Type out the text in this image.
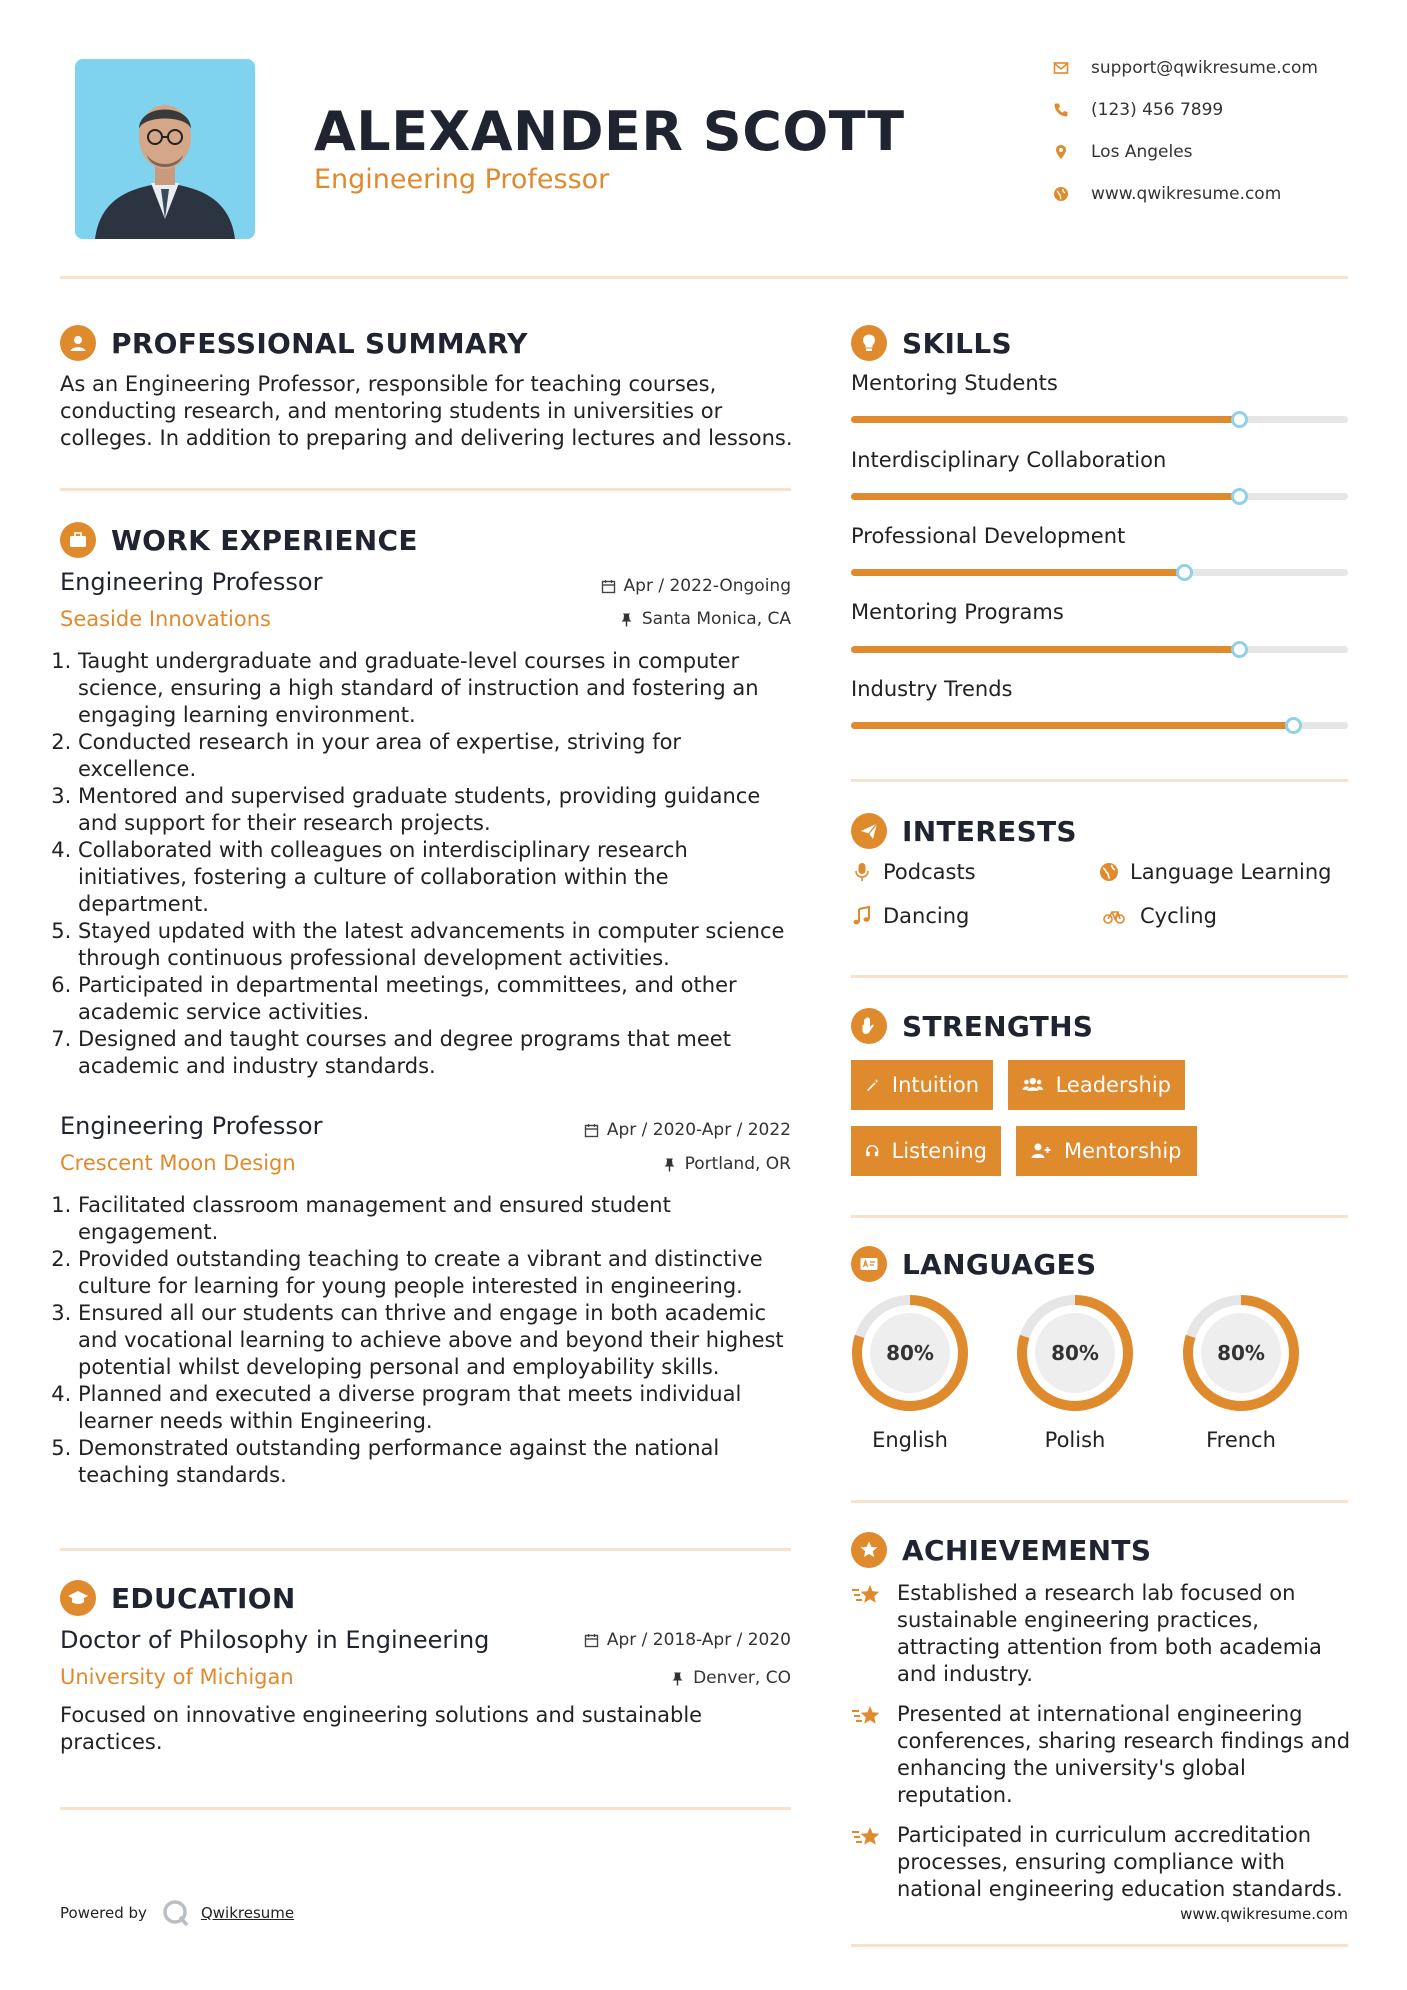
ALEXANDER SCOTT
Engineering Professor
support@qwikresume.com
(123) 456 7899
Los Angeles
www.qwikresume.com
PROFESSIONAL SUMMARY
As an Engineering Professor, responsible for teaching courses, conducting research, and mentoring students in universities or colleges. In addition to preparing and delivering lectures and lessons.
WORK EXPERIENCE
Engineering Professor
Seaside Innovations
Apr / 2022-Ongoing
Santa Monica, CA
1. Taught undergraduate and graduate-level courses in computer science, ensuring a high standard of instruction and fostering an engaging learning environment.
2. Conducted research in your area of expertise, striving for excellence.
3. Mentored and supervised graduate students, providing guidance and support for their research projects.
4. Collaborated with colleagues on interdisciplinary research initiatives, fostering a culture of collaboration within the department.
5. Stayed updated with the latest advancements in computer science through continuous professional development activities.
6. Participated in departmental meetings, committees, and other academic service activities.
7. Designed and taught courses and degree programs that meet academic and industry standards.
Engineering Professor
Crescent Moon Design
Apr / 2020-Apr / 2022
Portland, OR
1. Facilitated classroom management and ensured student engagement.
2. Provided outstanding teaching to create a vibrant and distinctive culture for learning for young people interested in engineering.
3. Ensured all our students can thrive and engage in both academic and vocational learning to achieve above and beyond their highest potential whilst developing personal and employability skills.
4. Planned and executed a diverse program that meets individual learner needs within Engineering.
5. Demonstrated outstanding performance against the national teaching standards.
EDUCATION
Doctor of Philosophy in Engineering
University of Michigan
Apr / 2018-Apr / 2020
Denver, CO
Focused on innovative engineering solutions and sustainable practices.
SKILLS
Mentoring Students
Interdisciplinary Collaboration
Professional Development
Mentoring Programs
Industry Trends
INTERESTS
Podcasts	Language Learning
Dancing	Cycling
STRENGTHS
Intuition	Leadership
Listening	Mentorship
LANGUAGES
80%
English
80%
Polish
80%
French
ACHIEVEMENTS
Established a research lab focused on sustainable engineering practices, attracting attention from both academia and industry.
Presented at international engineering conferences, sharing research findings and enhancing the university's global reputation.
Participated in curriculum accreditation processes, ensuring compliance with national engineering education standards.
Powered by	Qwikresume	www.qwikresume.com
